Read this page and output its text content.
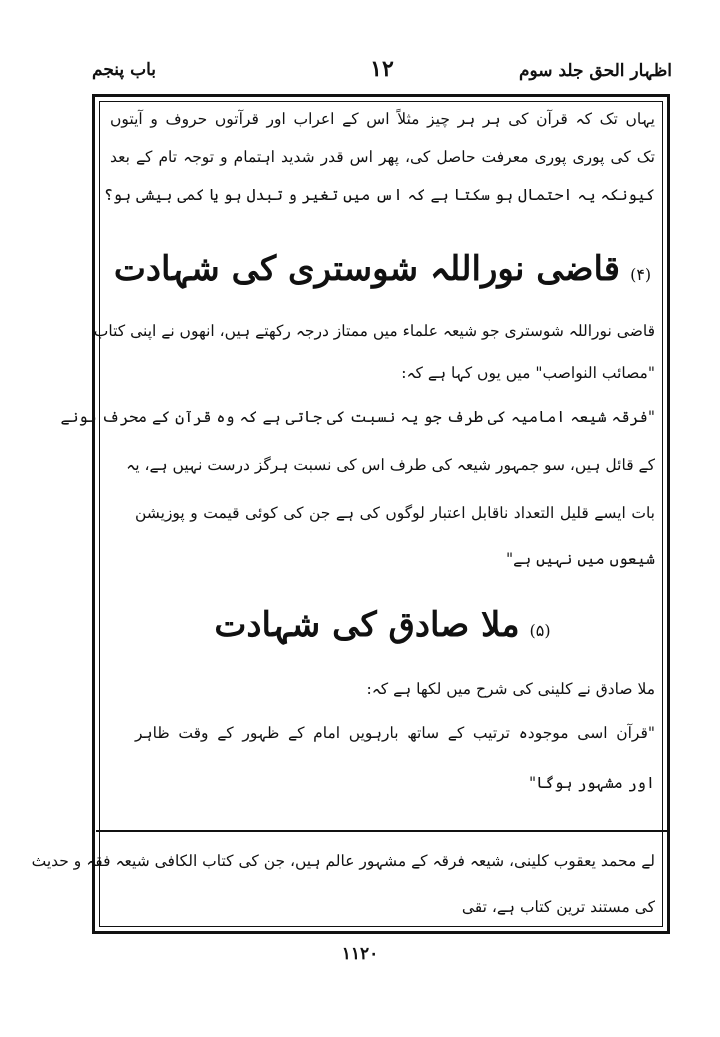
باب پنجم	۱۲	اظہار الحق جلد سوم
یہاں تک کہ قرآن کی ہر ہر چیز مثلاً اس کے اعراب اور قرآتوں حروف و آیتوں
تک کی پوری پوری معرفت حاصل کی، پھر اس قدر شدید اہتمام و توجہ تام کے بعد
کیونکہ یہ احتمال ہو سکتا ہے کہ اس میں تغیر و تبدل ہو یا کمی بیشی ہو؟
(۴)قاضی نوراللہ شوستری کی شہادت
قاضی نوراللہ شوستری جو شیعہ علماء میں ممتاز درجہ رکھتے ہیں، انھوں نے اپنی کتاب
"مصائب النواصب" میں یوں کہا ہے کہ:
"فرقہ شیعہ امامیہ کی طرف جو یہ نسبت کی جاتی ہے کہ وہ قرآن کے محرف ہونے
کے قائل ہیں، سو جمہور شیعہ کی طرف اس کی نسبت ہرگز درست نہیں ہے، یہ
بات ایسے قلیل التعداد ناقابل اعتبار لوگوں کی ہے جن کی کوئی قیمت و پوزیشن
شیعوں میں نہیں ہے"
(۵)ملا صادق کی شہادت
ملا صادق نے کلینی کی شرح میں لکھا ہے کہ:
"قرآن اسی موجودہ ترتیب کے ساتھ بارہویں امام کے ظہور کے وقت ظاہر
اور مشہور ہوگا"
لے محمد یعقوب کلینی، شیعہ فرقہ کے مشہور عالم ہیں، جن کی کتاب الکافی شیعہ فقہ و حدیث
کی مستند ترین کتاب ہے، تقی
۱۱۲۰
